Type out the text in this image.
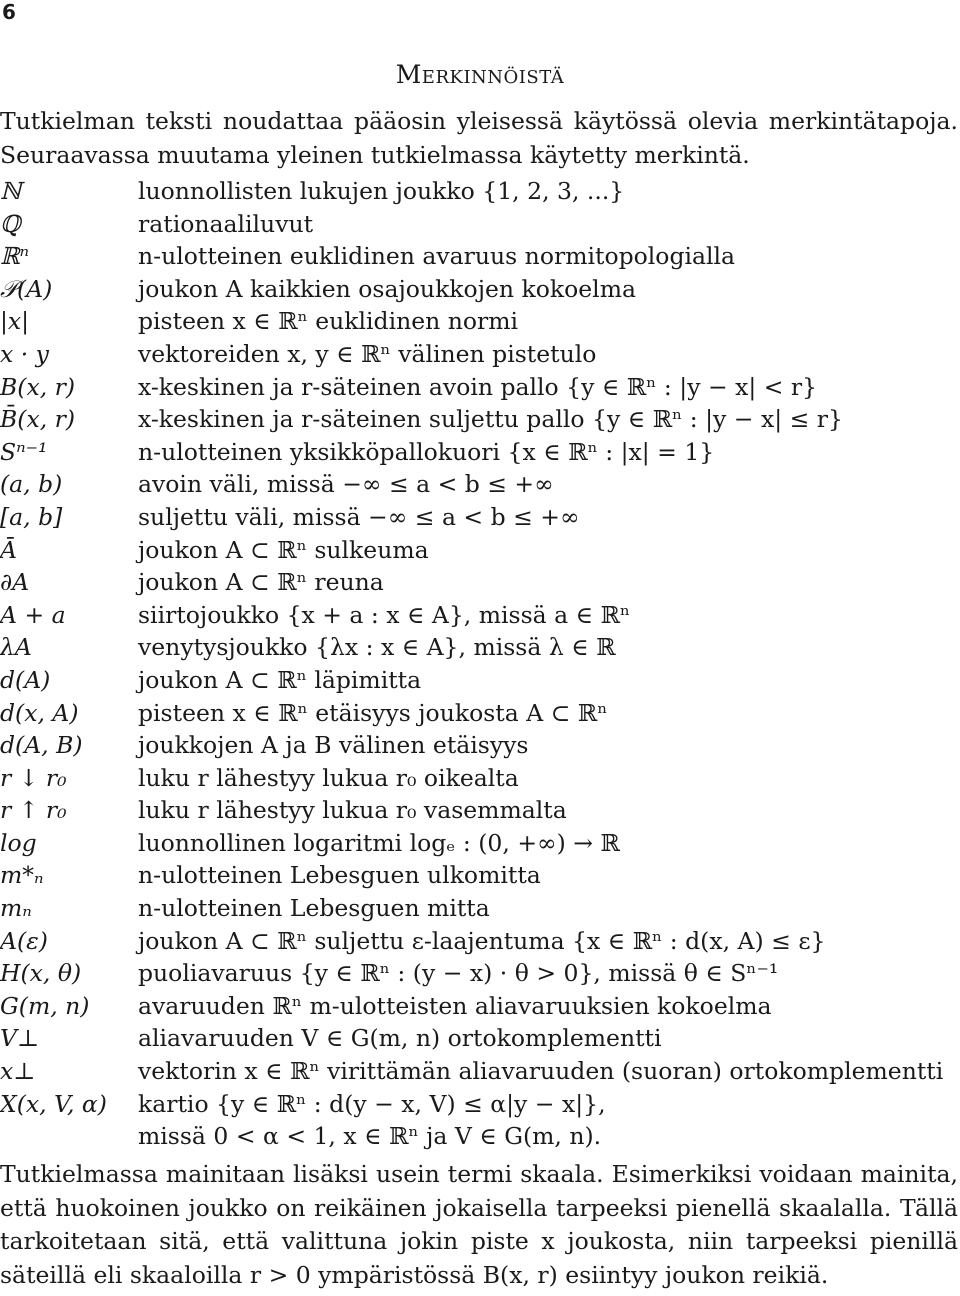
6
Merkinnöistä
Tutkielman teksti noudattaa pääosin yleisessä käytössä olevia merkintätapoja.
Seuraavassa muutama yleinen tutkielmassa käytetty merkintä.
ℕ	luonnollisten lukujen joukko {1, 2, 3, ...}
ℚ	rationaaliluvut
ℝⁿ	n-ulotteinen euklidinen avaruus normitopologialla
𝒫(A)	joukon A kaikkien osajoukkojen kokoelma
|x|	pisteen x ∈ ℝⁿ euklidinen normi
x · y	vektoreiden x, y ∈ ℝⁿ välinen pistetulo
B(x, r)	x-keskinen ja r-säteinen avoin pallo {y ∈ ℝⁿ : |y − x| < r}
B̄(x, r)	x-keskinen ja r-säteinen suljettu pallo {y ∈ ℝⁿ : |y − x| ≤ r}
Sⁿ⁻¹	n-ulotteinen yksikköpallokuori {x ∈ ℝⁿ : |x| = 1}
(a, b)	avoin väli, missä −∞ ≤ a < b ≤ +∞
[a, b]	suljettu väli, missä −∞ ≤ a < b ≤ +∞
Ā	joukon A ⊂ ℝⁿ sulkeuma
∂A	joukon A ⊂ ℝⁿ reuna
A + a	siirtojoukko {x + a : x ∈ A}, missä a ∈ ℝⁿ
λA	venytysjoukko {λx : x ∈ A}, missä λ ∈ ℝ
d(A)	joukon A ⊂ ℝⁿ läpimitta
d(x, A)	pisteen x ∈ ℝⁿ etäisyys joukosta A ⊂ ℝⁿ
d(A, B)	joukkojen A ja B välinen etäisyys
r ↓ r₀	luku r lähestyy lukua r₀ oikealta
r ↑ r₀	luku r lähestyy lukua r₀ vasemmalta
log	luonnollinen logaritmi logₑ : (0, +∞) → ℝ
m*ₙ	n-ulotteinen Lebesguen ulkomitta
mₙ	n-ulotteinen Lebesguen mitta
A(ε)	joukon A ⊂ ℝⁿ suljettu ε-laajentuma {x ∈ ℝⁿ : d(x, A) ≤ ε}
H(x, θ)	puoliavaruus {y ∈ ℝⁿ : (y − x) · θ > 0}, missä θ ∈ Sⁿ⁻¹
G(m, n)	avaruuden ℝⁿ m-ulotteisten aliavaruuksien kokoelma
V⊥	aliavaruuden V ∈ G(m, n) ortokomplementti
x⊥	vektorin x ∈ ℝⁿ virittämän aliavaruuden (suoran) ortokomplementti
X(x, V, α)	kartio {y ∈ ℝⁿ : d(y − x, V) ≤ α|y − x|},
missä 0 < α < 1, x ∈ ℝⁿ ja V ∈ G(m, n).
Tutkielmassa mainitaan lisäksi usein termi skaala. Esimerkiksi voidaan mainita,
että huokoinen joukko on reikäinen jokaisella tarpeeksi pienellä skaalalla. Tällä
tarkoitetaan sitä, että valittuna jokin piste x joukosta, niin tarpeeksi pienillä
säteillä eli skaaloilla r > 0 ympäristössä B(x, r) esiintyy joukon reikiä.
